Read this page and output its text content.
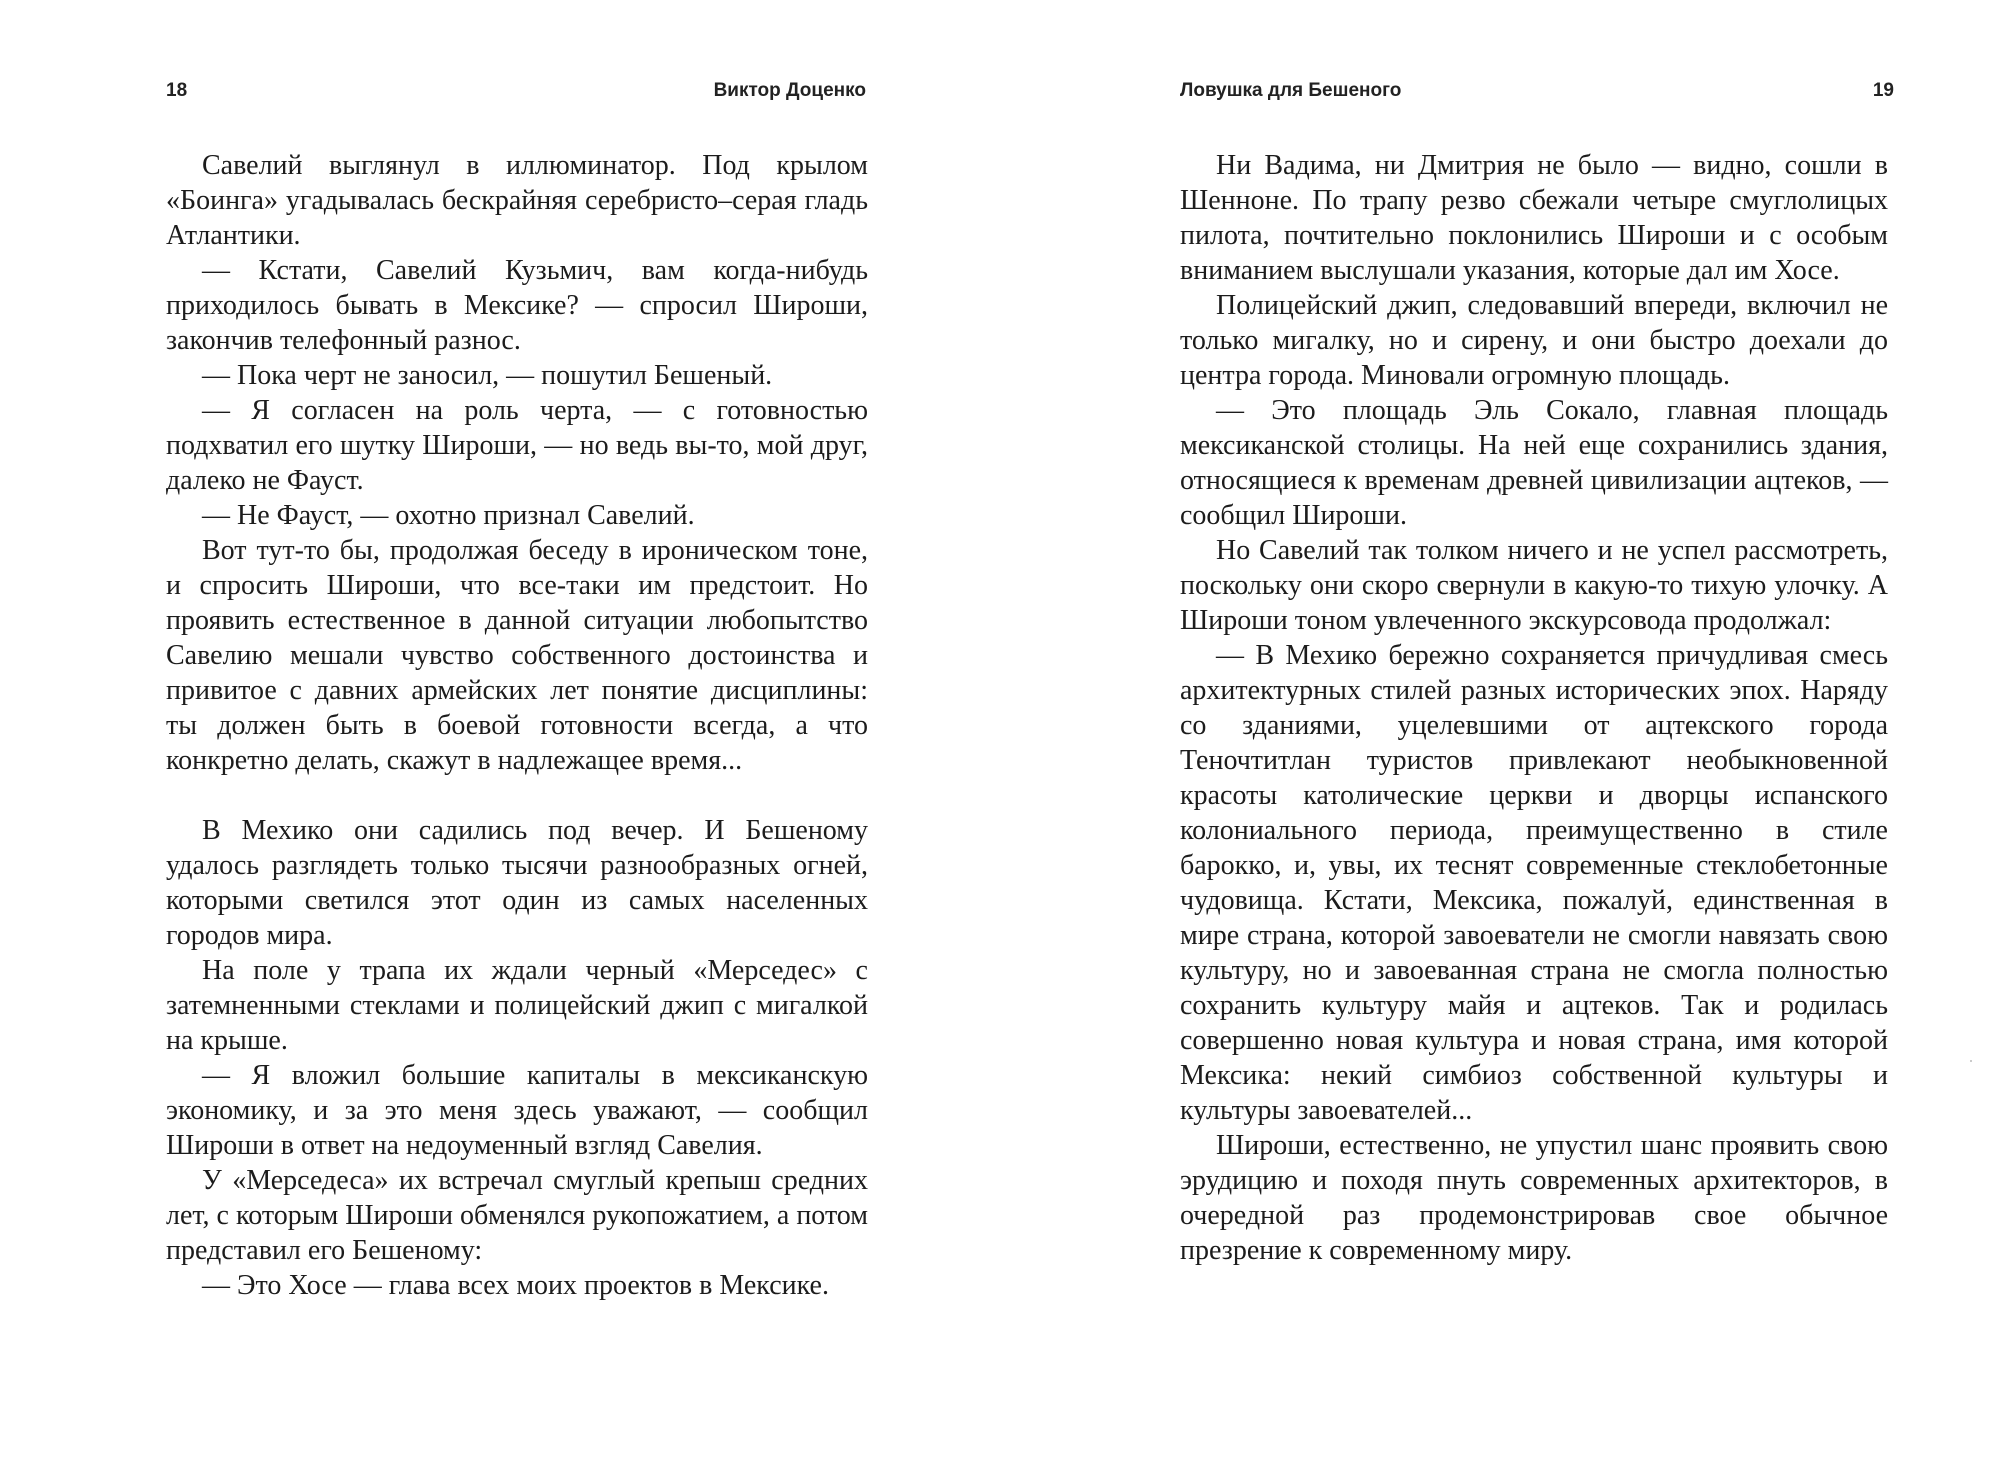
18	Виктор Доценко

Савелий выглянул в иллюминатор. Под крылом «Боинга» угадывалась бескрайняя серебристо–серая гладь Атлантики.

— Кстати, Савелий Кузьмич, вам когда-нибудь приходилось бывать в Мексике? — спросил Широши, закончив телефонный разнос.

— Пока черт не заносил, — пошутил Бешеный.

— Я согласен на роль черта, — с готовностью подхватил его шутку Широши, — но ведь вы-то, мой друг, далеко не Фауст.

— Не Фауст, — охотно признал Савелий.

Вот тут-то бы, продолжая беседу в ироническом тоне, и спросить Широши, что все-таки им предстоит. Но проявить естественное в данной ситуации любопытство Савелию мешали чувство собственного достоинства и привитое с давних армейских лет понятие дисциплины: ты должен быть в боевой готовности всегда, а что конкретно делать, скажут в надлежащее время...

В Мехико они садились под вечер. И Бешеному удалось разглядеть только тысячи разнообразных огней, которыми светился этот один из самых населенных городов мира.

На поле у трапа их ждали черный «Мерседес» с затемненными стеклами и полицейский джип с мигалкой на крыше.

— Я вложил большие капиталы в мексиканскую экономику, и за это меня здесь уважают, — сообщил Широши в ответ на недоуменный взгляд Савелия.

У «Мерседеса» их встречал смуглый крепыш средних лет, с которым Широши обменялся рукопожатием, а потом представил его Бешеному:

— Это Хосе — глава всех моих проектов в Мексике.

Ловушка для Бешеного	19

Ни Вадима, ни Дмитрия не было — видно, сошли в Шенноне. По трапу резво сбежали четыре смуглолицых пилота, почтительно поклонились Широши и с особым вниманием выслушали указания, которые дал им Хосе.

Полицейский джип, следовавший впереди, включил не только мигалку, но и сирену, и они быстро доехали до центра города. Миновали огромную площадь.

— Это площадь Эль Сокало, главная площадь мексиканской столицы. На ней еще сохранились здания, относящиеся к временам древней цивилизации ацтеков, — сообщил Широши.

Но Савелий так толком ничего и не успел рассмотреть, поскольку они скоро свернули в какую-то тихую улочку. А Широши тоном увлеченного экскурсовода продолжал:

— В Мехико бережно сохраняется причудливая смесь архитектурных стилей разных исторических эпох. Наряду со зданиями, уцелевшими от ацтекского города Теночтитлан туристов привлекают необыкновенной красоты католические церкви и дворцы испанского колониального периода, преимущественно в стиле барокко, и, увы, их теснят современные стеклобетонные чудовища. Кстати, Мексика, пожалуй, единственная в мире страна, которой завоеватели не смогли навязать свою культуру, но и завоеванная страна не смогла полностью сохранить культуру майя и ацтеков. Так и родилась совершенно новая культура и новая страна, имя которой Мексика: некий симбиоз собственной культуры и культуры завоевателей...

Широши, естественно, не упустил шанс проявить свою эрудицию и походя пнуть современных архитекторов, в очередной раз продемонстрировав свое обычное презрение к современному миру.
